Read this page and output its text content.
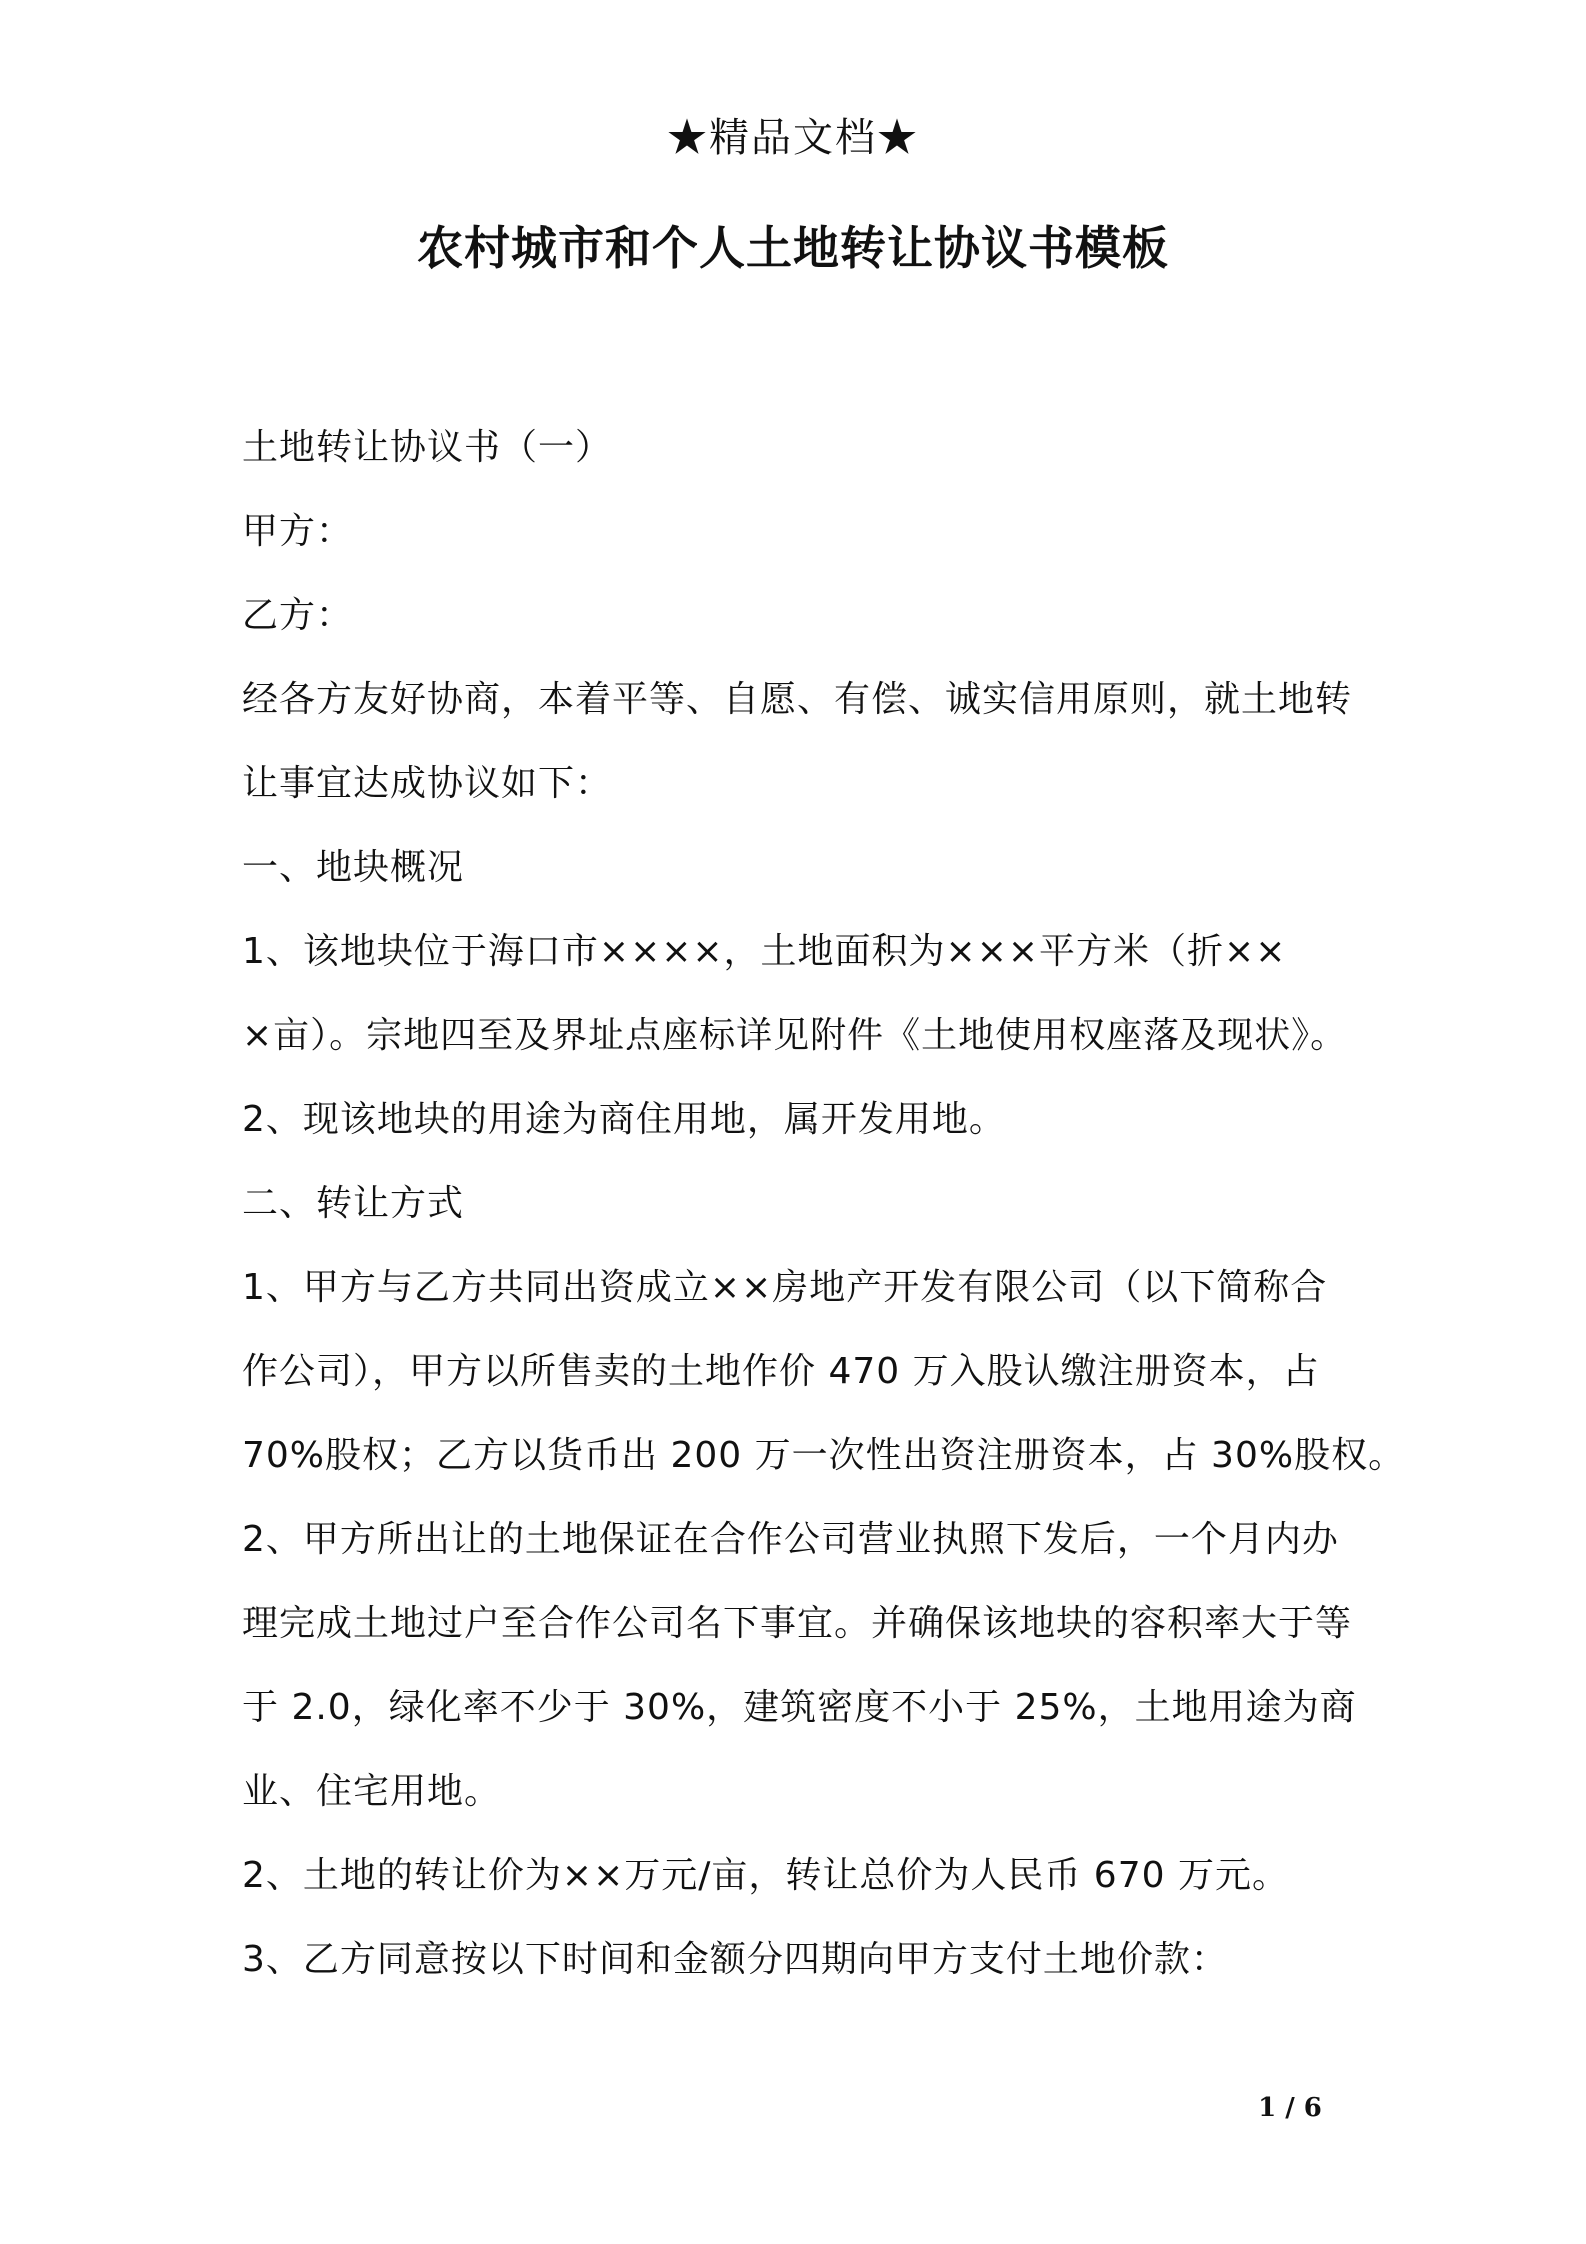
★精品文档★
农村城市和个人土地转让协议书模板

土地转让协议书（一）

甲方：

乙方：

经各方友好协商，本着平等、自愿、有偿、诚实信用原则，就土地转

让事宜达成协议如下：

一、地块概况

1、该地块位于海口市××××，土地面积为×××平方米（折××

×亩）。宗地四至及界址点座标详见附件《土地使用权座落及现状》。

2、现该地块的用途为商住用地，属开发用地。

二、转让方式

1、甲方与乙方共同出资成立××房地产开发有限公司（以下简称合

作公司），甲方以所售卖的土地作价 470 万入股认缴注册资本，占

70%股权；乙方以货币出 200 万一次性出资注册资本，占 30%股权。

2、甲方所出让的土地保证在合作公司营业执照下发后，一个月内办

理完成土地过户至合作公司名下事宜。并确保该地块的容积率大于等

于 2.0，绿化率不少于 30%，建筑密度不小于 25%，土地用途为商

业、住宅用地。

2、土地的转让价为××万元/亩，转让总价为人民币 670 万元。

3、乙方同意按以下时间和金额分四期向甲方支付土地价款：

1 / 6
